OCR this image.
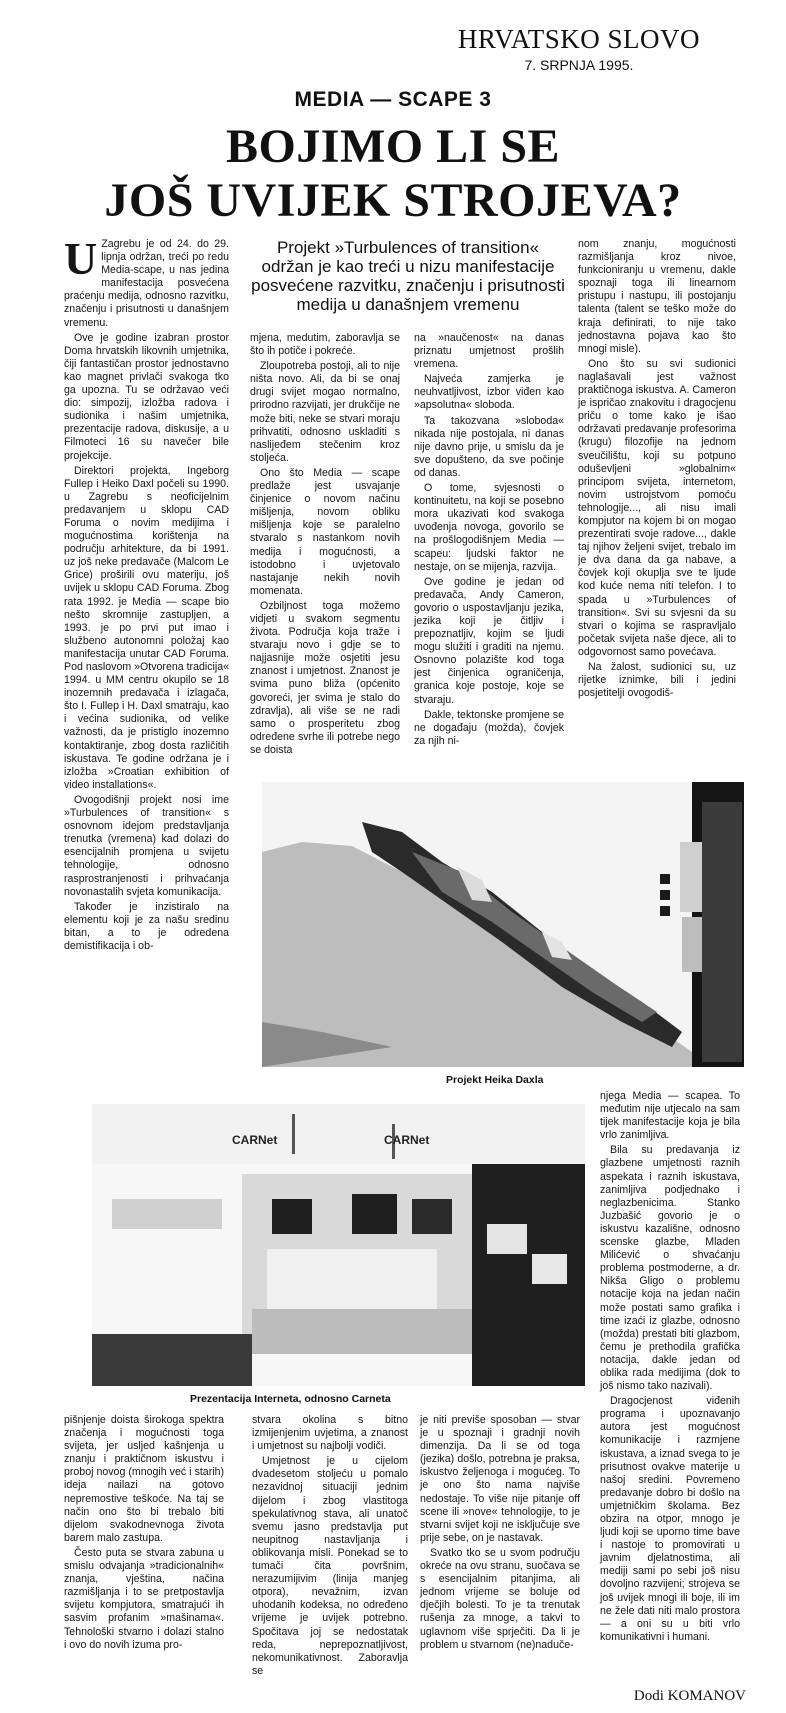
HRVATSKO SLOVO
7. SRPNJA 1995.
MEDIA — SCAPE 3
BOJIMO LI SE
JOŠ UVIJEK STROJEVA?
Projekt »Turbulences of transition« održan je kao treći u nizu manifestacije posvećene razvitku, značenju i prisutnosti medija u današnjem vremenu

U Zagrebu je od 24. do 29. lipnja održan, treći po redu Media-scape, u nas jedina manifestacija posvećena praćenju medija, odnosno razvitku, značenju i prisutnosti u današnjem vremenu.

Ove je godine izabran prostor Doma hrvatskih likovnih umjetnika, čiji fantastičan prostor jednostavno kao magnet privlači svakoga tko ga upozna. Tu se održavao veći dio: simpozij, izložba radova i sudionika i našim umjetnika, prezentacije radova, diskusije, a u Filmoteci 16 su navečer bile projekcije.

Direktori projekta, Ingeborg Fullep i Heiko Daxl počeli su 1990. u Zagrebu s neoficijelnim predavanjem u sklopu CAD Foruma o novim medijima i mogućnostima korištenja na području arhitekture, da bi 1991. uz još neke predavače (Malcom Le Grice) proširili ovu materiju, još uvijek u sklopu CAD Foruma. Zbog rata 1992. je Media — scape bio nešto skromnije zastupljen, a 1993. je po prvi put imao i službeno autonomni položaj kao manifestacija unutar CAD Foruma. Pod naslovom »Otvorena tradicija« 1994. u MM centru okupilo se 18 inozemnih predavača i izlagača, što I. Fullep i H. Daxl smatraju, kao i većina sudionika, od velike važnosti, da je pristiglo inozemno kontaktiranje, zbog dosta različitih iskustava. Te godine održana je i izložba »Croatian exhibition of video installations«.

Ovogodišnji projekt nosi ime »Turbulences of transition« s osnovnom idejom predstavljanja trenutka (vremena) kad dolazi do esencijalnih promjena u svijetu tehnologije, odnosno rasprostranjenosti i prihvaćanja novonastalih svjeta komunikacija.

Također je inzistiralo na elementu koji je za našu sredinu bitan, a to je odredena demistifikacija i ob-

mjena, medutim, zaboravlja se što ih potiče i pokreće.

Zloupotreba postoji, ali to nije ništa novo. Ali, da bi se onaj drugi svijet mogao normalno, prirodno razvijati, jer drukčije ne može biti, neke se stvari moraju prihvatiti, odnosno uskladiti s naslijeđem stečenim kroz stoljeća.

Ono što Media — scape predlaže jest usvajanje činjenice o novom načinu mišljenja, novom obliku mišljenja koje se paralelno stvaralo s nastankom novih medija i mogućnosti, a istodobno i uvjetovalo nastajanje nekih novih momenata.

Ozbiljnost toga možemo vidjeti u svakom segmentu života. Područja koja traže i stvaraju novo i gdje se to najjasnije može osjetiti jesu znanost i umjetnost. Znanost je svima puno bliža (općenito govoreći, jer svima je stalo do zdravlja), ali više se ne radi samo o prosperitetu zbog određene svrhe ili potrebe nego se doista

na »naučenost« na danas priznatu umjetnost prošlih vremena.

Najveća zamjerka je neuhvatljivost, izbor viđen kao »apsolutna« sloboda.

Ta takozvana »sloboda« nikada nije postojala, ni danas nije davno prije, u smislu da je sve dopušteno, da sve počinje od danas.

O tome, svjesnosti o kontinuitetu, na koji se posebno mora ukazivati kod svakoga uvođenja novoga, govorilo se na prošlogodišnjem Media — scapeu: ljudski faktor ne nestaje, on se mijenja, razvija.

Ove godine je jedan od predavača, Andy Cameron, govorio o uspostavljanju jezika, jezika koji je čitljiv i prepoznatljiv, kojim se ljudi mogu služiti i graditi na njemu. Osnovno polazište kod toga jest činjenica ograničenja, granica koje postoje, koje se stvaraju.

Dakle, tektonske promjene se ne događaju (možda), čovjek za njih ni-

nom znanju, mogućnosti razmišljanja kroz nivoe, funkcioniranju u vremenu, dakle spoznaji toga ili linearnom pristupu i nastupu, ili postojanju talenta (talent se teško može do kraja definirati, to nije tako jednostavna pojava kao što mnogi misle).

Ono što su svi sudionici naglašavali jest važnost praktičnoga iskustva. A. Cameron je ispričao znakovitu i dragocjenu priču o tome kako je išao održavati predavanje profesorima (krugu) filozofije na jednom sveučilištu, koji su potpuno oduševljeni »globalnim« principom svijeta, internetom, novim ustrojstvom pomoću tehnologije..., ali nisu imali kompjutor na kojem bi on mogao prezentirati svoje radove..., dakle taj njihov željeni svijet, trebalo im je dva dana da ga nabave, a čovjek koji okuplja sve te ljude kod kuće nema niti telefon. I to spada u »Turbulences of transition«. Svi su svjesni da su stvari o kojima se raspravljalo početak svijeta naše djece, ali to odgovornost samo povećava.

Na žalost, sudionici su, uz rijetke iznimke, bili i jedini posjetitelji ovogodiš-

Projekt Heika Daxla

njega Media — scapea. To međutim nije utjecalo na sam tijek manifestacije koja je bila vrlo zanimljiva.

Bila su predavanja iz glazbene umjetnosti raznih aspekata i raznih iskustava, zanimljiva podjednako i neglazbenicima. Stanko Juzbašić govorio je o iskustvu kazališne, odnosno scenske glazbe, Mladen Milićević o shvaćanju problema postmoderne, a dr. Nikša Gligo o problemu notacije koja na jedan način može postati samo grafika i time izaći iz glazbe, odnosno (možda) prestati biti glazbom, čemu je prethodila grafička notacija, dakle jedan od oblika rada medijima (dok to još nismo tako nazivali).

Dragocjenost viđenih programa i upoznavanjo autora jest mogućnost komunikacije i razmjene iskustava, a iznad svega to je prisutnost ovakve materije u našoj sredini. Povremeno predavanje dobro bi došlo na umjetničkim školama. Bez obzira na otpor, mnogo je ljudi koji se uporno time bave i nastoje to promovirati u javnim djelatnostima, ali mediji sami po sebi još nisu dovoljno razvijeni; strojeva se još uvijek mnogi ili boje, ili im ne žele dati niti malo prostora — a oni su u biti vrlo komunikativni i humani.

CARNet	CARNet
Prezentacija Interneta, odnosno Carneta

pišnjenje doista širokoga spektra značenja i mogućnosti toga svijeta, jer usljed kašnjenja u znanju i praktičnom iskustvu i proboj novog (mnogih već i starih) ideja nailazi na gotovo nepremostive teškoće. Na taj se način ono što bi trebalo biti dijelom svakodnevnoga života barem malo zastupa.

Često puta se stvara zabuna u smislu odvajanja »tradicionalnih« znanja, vještina, načina razmišljanja i to se pretpostavlja svijetu kompjutora, smatrajući ih sasvim profanim »mašinama«. Tehnološki stvarno i dolazi stalno i ovo do novih izuma pro-

stvara okolina s bitno izmijenjenim uvjetima, a znanost i umjetnost su najbolji vodiči.

Umjetnost je u cijelom dvadesetom stoljeću u pomalo nezavidnoj situaciji jednim dijelom i zbog vlastitoga spekulativnog stava, ali unatoč svemu jasno predstavlja put neupitnog nastavljanja i oblikovanja misli. Ponekad se to tumači čita površnim, nerazumijivim (linija manjeg otpora), nevažnim, izvan uhodanih kodeksa, no određeno vrijeme je uvijek potrebno. Spočitava joj se nedostatak reda, neprepoznatljivost, nekomunikativnost. Zaboravlja se

je niti previše sposoban — stvar je u spoznaji i gradnji novih dimenzija. Da li se od toga (jezika) došlo, potrebna je praksa, iskustvo željenoga i mogućeg. To je ono što nama najviše nedostaje. To više nije pitanje off scene ili »nove« tehnologije, to je stvarni svijet koji ne isključuje sve prije sebe, on je nastavak.

Svatko tko se u svom području okreće na ovu stranu, suočava se s esencijalnim pitanjima, ali jednom vrijeme se boluje od dječjih bolesti. To je ta trenutak rušenja za mnoge, a takvi to uglavnom više sprječiti. Da li je problem u stvarnom (ne)naduče-

Dodi KOMANOV
